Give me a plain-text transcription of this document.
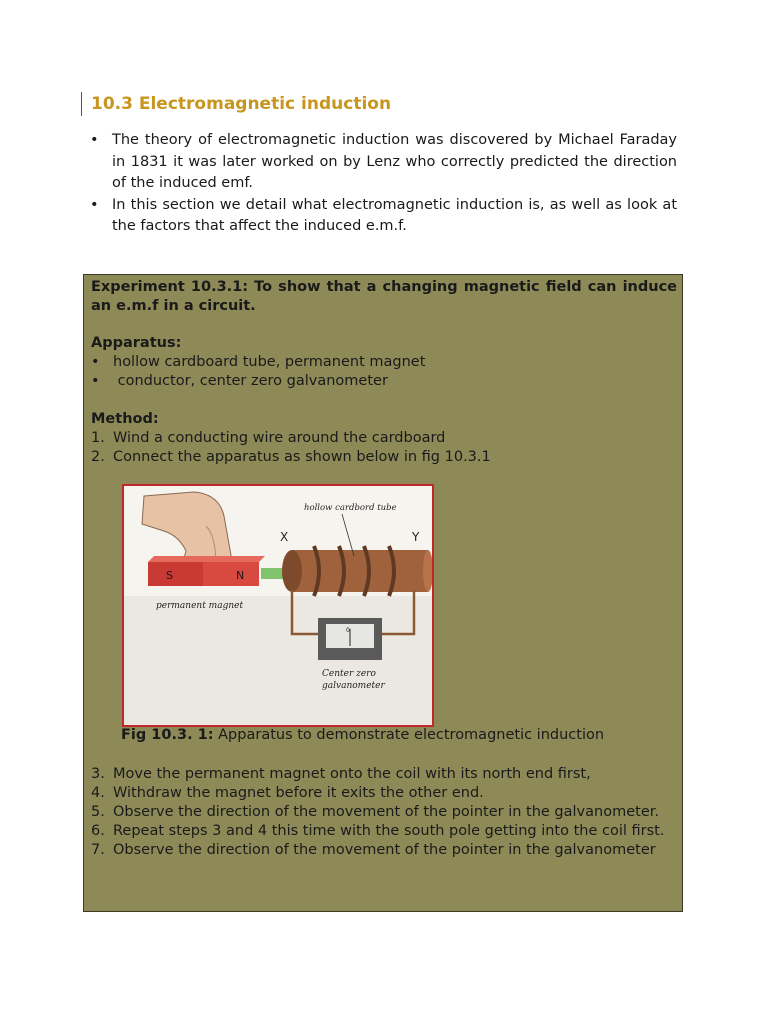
10.3 Electromagnetic induction
• The theory of electromagnetic induction was discovered by Michael Faraday in 1831 it was later worked on by Lenz who correctly predicted the direction of the induced emf.
• In this section we detail what electromagnetic induction is, as well as look at the factors that affect the induced e.m.f.

Experiment 10.3.1: To show that a changing magnetic field can induce an e.m.f in a circuit.

Apparatus:

• hollow cardboard tube, permanent magnet
•  conductor, center zero galvanometer

Method:

1. Wind a conducting wire around the cardboard
2. Connect the apparatus as shown below in fig 10.3.1
S	N
permanent magnet
X	Y
hollow cardbord tube
0
Center zero
galvanometer

Fig 10.3. 1: Apparatus to demonstrate electromagnetic induction

3. Move the permanent magnet onto the coil with its north end first,
4. Withdraw the magnet before it exits the other end.
5. Observe the direction of the movement of the pointer in the galvanometer.
6. Repeat steps 3 and 4 this time with the south pole getting into the coil first.
7. Observe the direction of the movement of the pointer in the galvanometer
